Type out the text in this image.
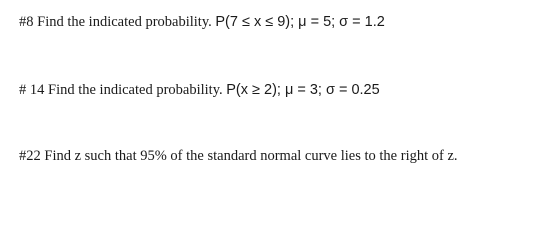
#8 Find the indicated probability. P(7 ≤ x ≤ 9); μ = 5; σ = 1.2
# 14 Find the indicated probability. P(x ≥ 2); μ = 3; σ = 0.25
#22 Find z such that 95% of the standard normal curve lies to the right of z.
